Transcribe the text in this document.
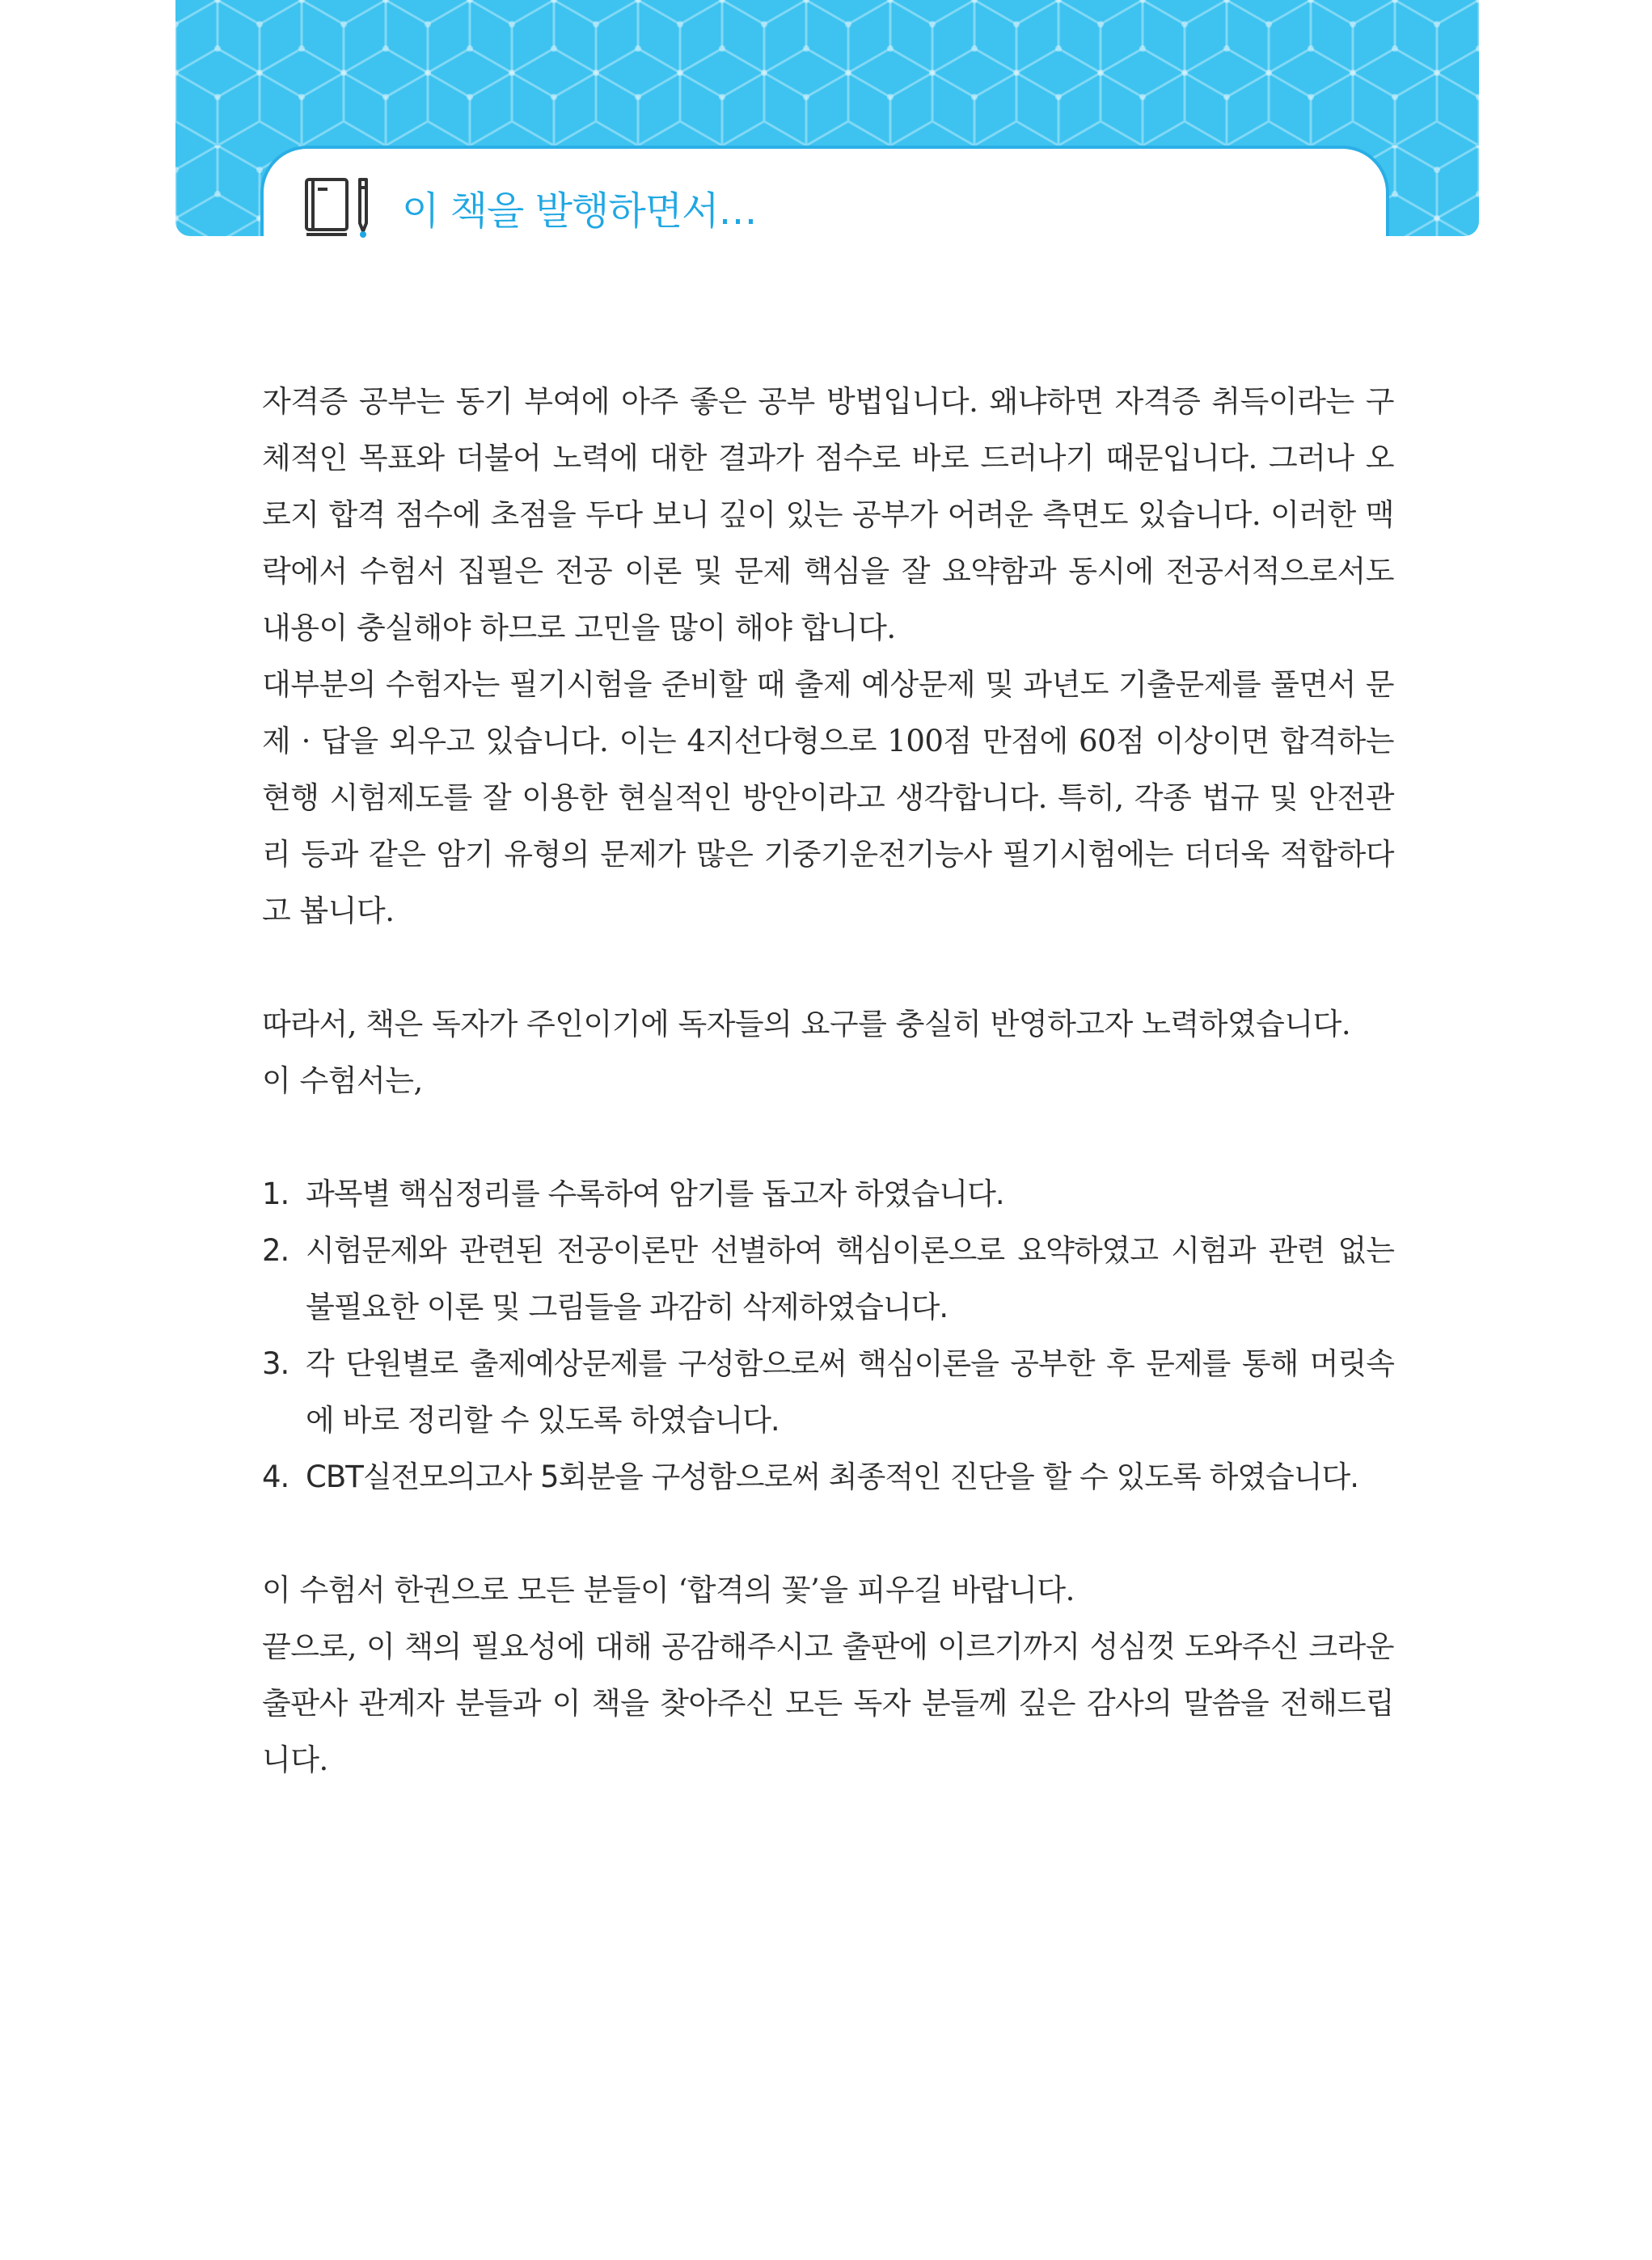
이 책을 발행하면서…

자격증 공부는 동기 부여에 아주 좋은 공부 방법입니다. 왜냐하면 자격증 취득이라는 구체적인 목표와 더불어 노력에 대한 결과가 점수로 바로 드러나기 때문입니다. 그러나 오로지 합격 점수에 초점을 두다 보니 깊이 있는 공부가 어려운 측면도 있습니다. 이러한 맥락에서 수험서 집필은 전공 이론 및 문제 핵심을 잘 요약함과 동시에 전공서적으로서도 내용이 충실해야 하므로 고민을 많이 해야 합니다.

대부분의 수험자는 필기시험을 준비할 때 출제 예상문제 및 과년도 기출문제를 풀면서 문제 · 답을 외우고 있습니다. 이는 4지선다형으로 100점 만점에 60점 이상이면 합격하는 현행 시험제도를 잘 이용한 현실적인 방안이라고 생각합니다. 특히, 각종 법규 및 안전관리 등과 같은 암기 유형의 문제가 많은 기중기운전기능사 필기시험에는 더더욱 적합하다고 봅니다.

따라서, 책은 독자가 주인이기에 독자들의 요구를 충실히 반영하고자 노력하였습니다.

이 수험서는,

1. 과목별 핵심정리를 수록하여 암기를 돕고자 하였습니다.
2. 시험문제와 관련된 전공이론만 선별하여 핵심이론으로 요약하였고 시험과 관련 없는 불필요한 이론 및 그림들을 과감히 삭제하였습니다.
3. 각 단원별로 출제예상문제를 구성함으로써 핵심이론을 공부한 후 문제를 통해 머릿속에 바로 정리할 수 있도록 하였습니다.
4. CBT실전모의고사 5회분을 구성함으로써 최종적인 진단을 할 수 있도록 하였습니다.

이 수험서 한권으로 모든 분들이 ‘합격의 꽃’을 피우길 바랍니다.

끝으로, 이 책의 필요성에 대해 공감해주시고 출판에 이르기까지 성심껏 도와주신 크라운출판사 관계자 분들과 이 책을 찾아주신 모든 독자 분들께 깊은 감사의 말씀을 전해드립니다.
